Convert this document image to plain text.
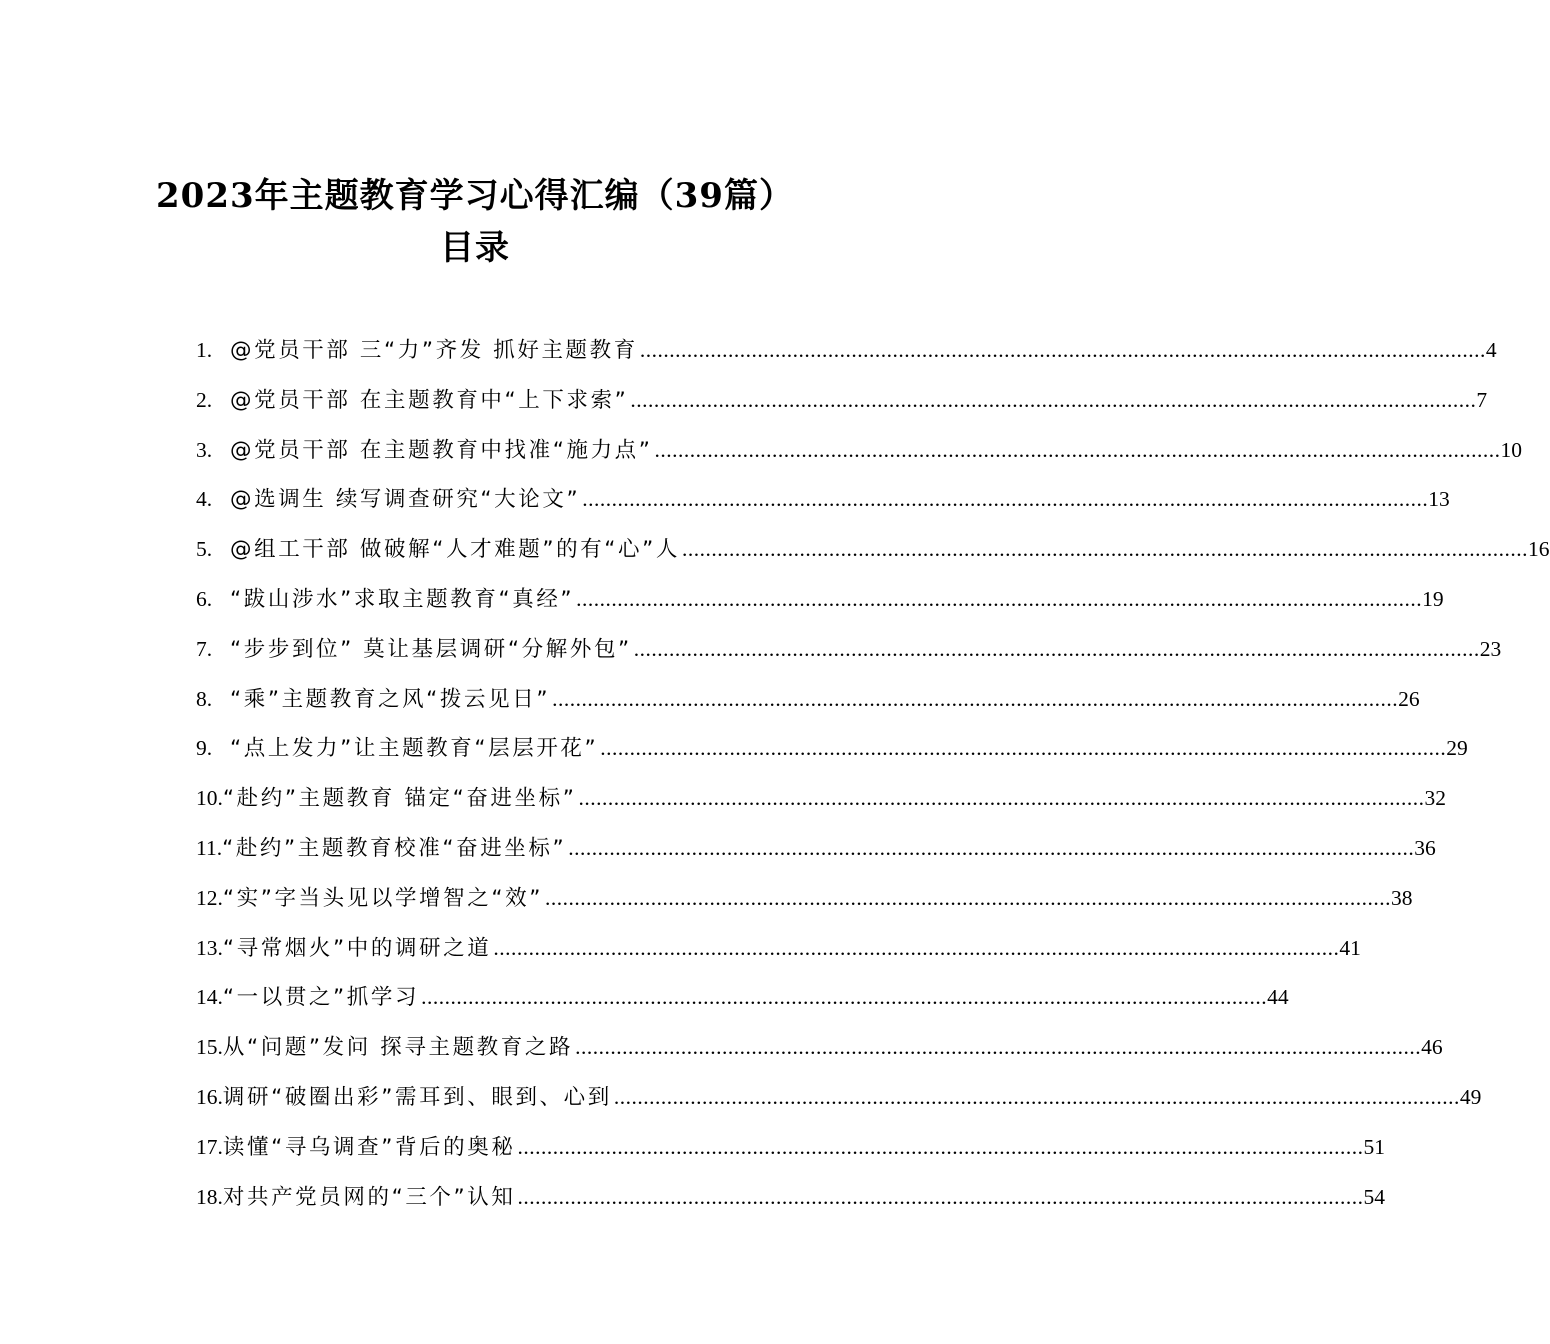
2023年主题教育学习心得汇编（39篇）
目录
1. @党员干部 三“力”齐发 抓好主题教育 .....	4
2. @党员干部 在主题教育中“上下求索” .....	7
3. @党员干部 在主题教育中找准“施力点” .....	10
4. @选调生 续写调查研究“大论文” .....	13
5. @组工干部 做破解“人才难题”的有“心”人 .....	16
6. “跋山涉水”求取主题教育“真经” .....	19
7. “步步到位” 莫让基层调研“分解外包” .....	23
8. “乘”主题教育之风“拨云见日” .....	26
9. “点上发力”让主题教育“层层开花” .....	29
10. “赴约”主题教育 锚定“奋进坐标” .....	32
11. “赴约”主题教育校准“奋进坐标” .....	36
12. “实”字当头见以学增智之“效” .....	38
13. “寻常烟火”中的调研之道 .....	41
14. “一以贯之”抓学习 .....	44
15. 从“问题”发问 探寻主题教育之路 .....	46
16. 调研“破圈出彩”需耳到、眼到、心到 .....	49
17. 读懂“寻乌调查”背后的奥秘 .....	51
18. 对共产党员网的“三个”认知 .....	54
